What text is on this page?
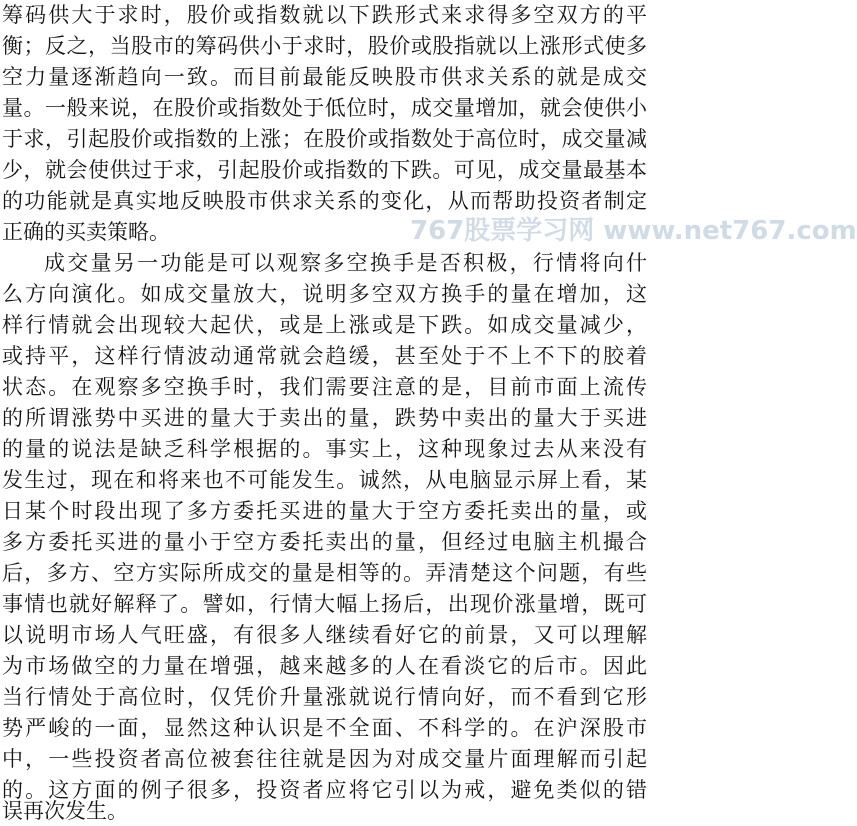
筹码供大于求时，股价或指数就以下跌形式来求得多空双方的平
衡；反之，当股市的筹码供小于求时，股价或股指就以上涨形式使多
空力量逐渐趋向一致。而目前最能反映股市供求关系的就是成交
量。一般来说，在股价或指数处于低位时，成交量增加，就会使供小
于求，引起股价或指数的上涨；在股价或指数处于高位时，成交量减
少，就会使供过于求，引起股价或指数的下跌。可见，成交量最基本
的功能就是真实地反映股市供求关系的变化，从而帮助投资者制定
正确的买卖策略。	767股票学习网 www.net767.com
成交量另一功能是可以观察多空换手是否积极，行情将向什
么方向演化。如成交量放大，说明多空双方换手的量在增加，这
样行情就会出现较大起伏，或是上涨或是下跌。如成交量减少，
或持平，这样行情波动通常就会趋缓，甚至处于不上不下的胶着
状态。在观察多空换手时，我们需要注意的是，目前市面上流传
的所谓涨势中买进的量大于卖出的量，跌势中卖出的量大于买进
的量的说法是缺乏科学根据的。事实上，这种现象过去从来没有
发生过，现在和将来也不可能发生。诚然，从电脑显示屏上看，某
日某个时段出现了多方委托买进的量大于空方委托卖出的量，或
多方委托买进的量小于空方委托卖出的量，但经过电脑主机撮合
后，多方、空方实际所成交的量是相等的。弄清楚这个问题，有些
事情也就好解释了。譬如，行情大幅上扬后，出现价涨量增，既可
以说明市场人气旺盛，有很多人继续看好它的前景，又可以理解
为市场做空的力量在增强，越来越多的人在看淡它的后市。因此
当行情处于高位时，仅凭价升量涨就说行情向好，而不看到它形
势严峻的一面，显然这种认识是不全面、不科学的。在沪深股市
中，一些投资者高位被套往往就是因为对成交量片面理解而引起
的。这方面的例子很多，投资者应将它引以为戒，避免类似的错
误再次发生。
